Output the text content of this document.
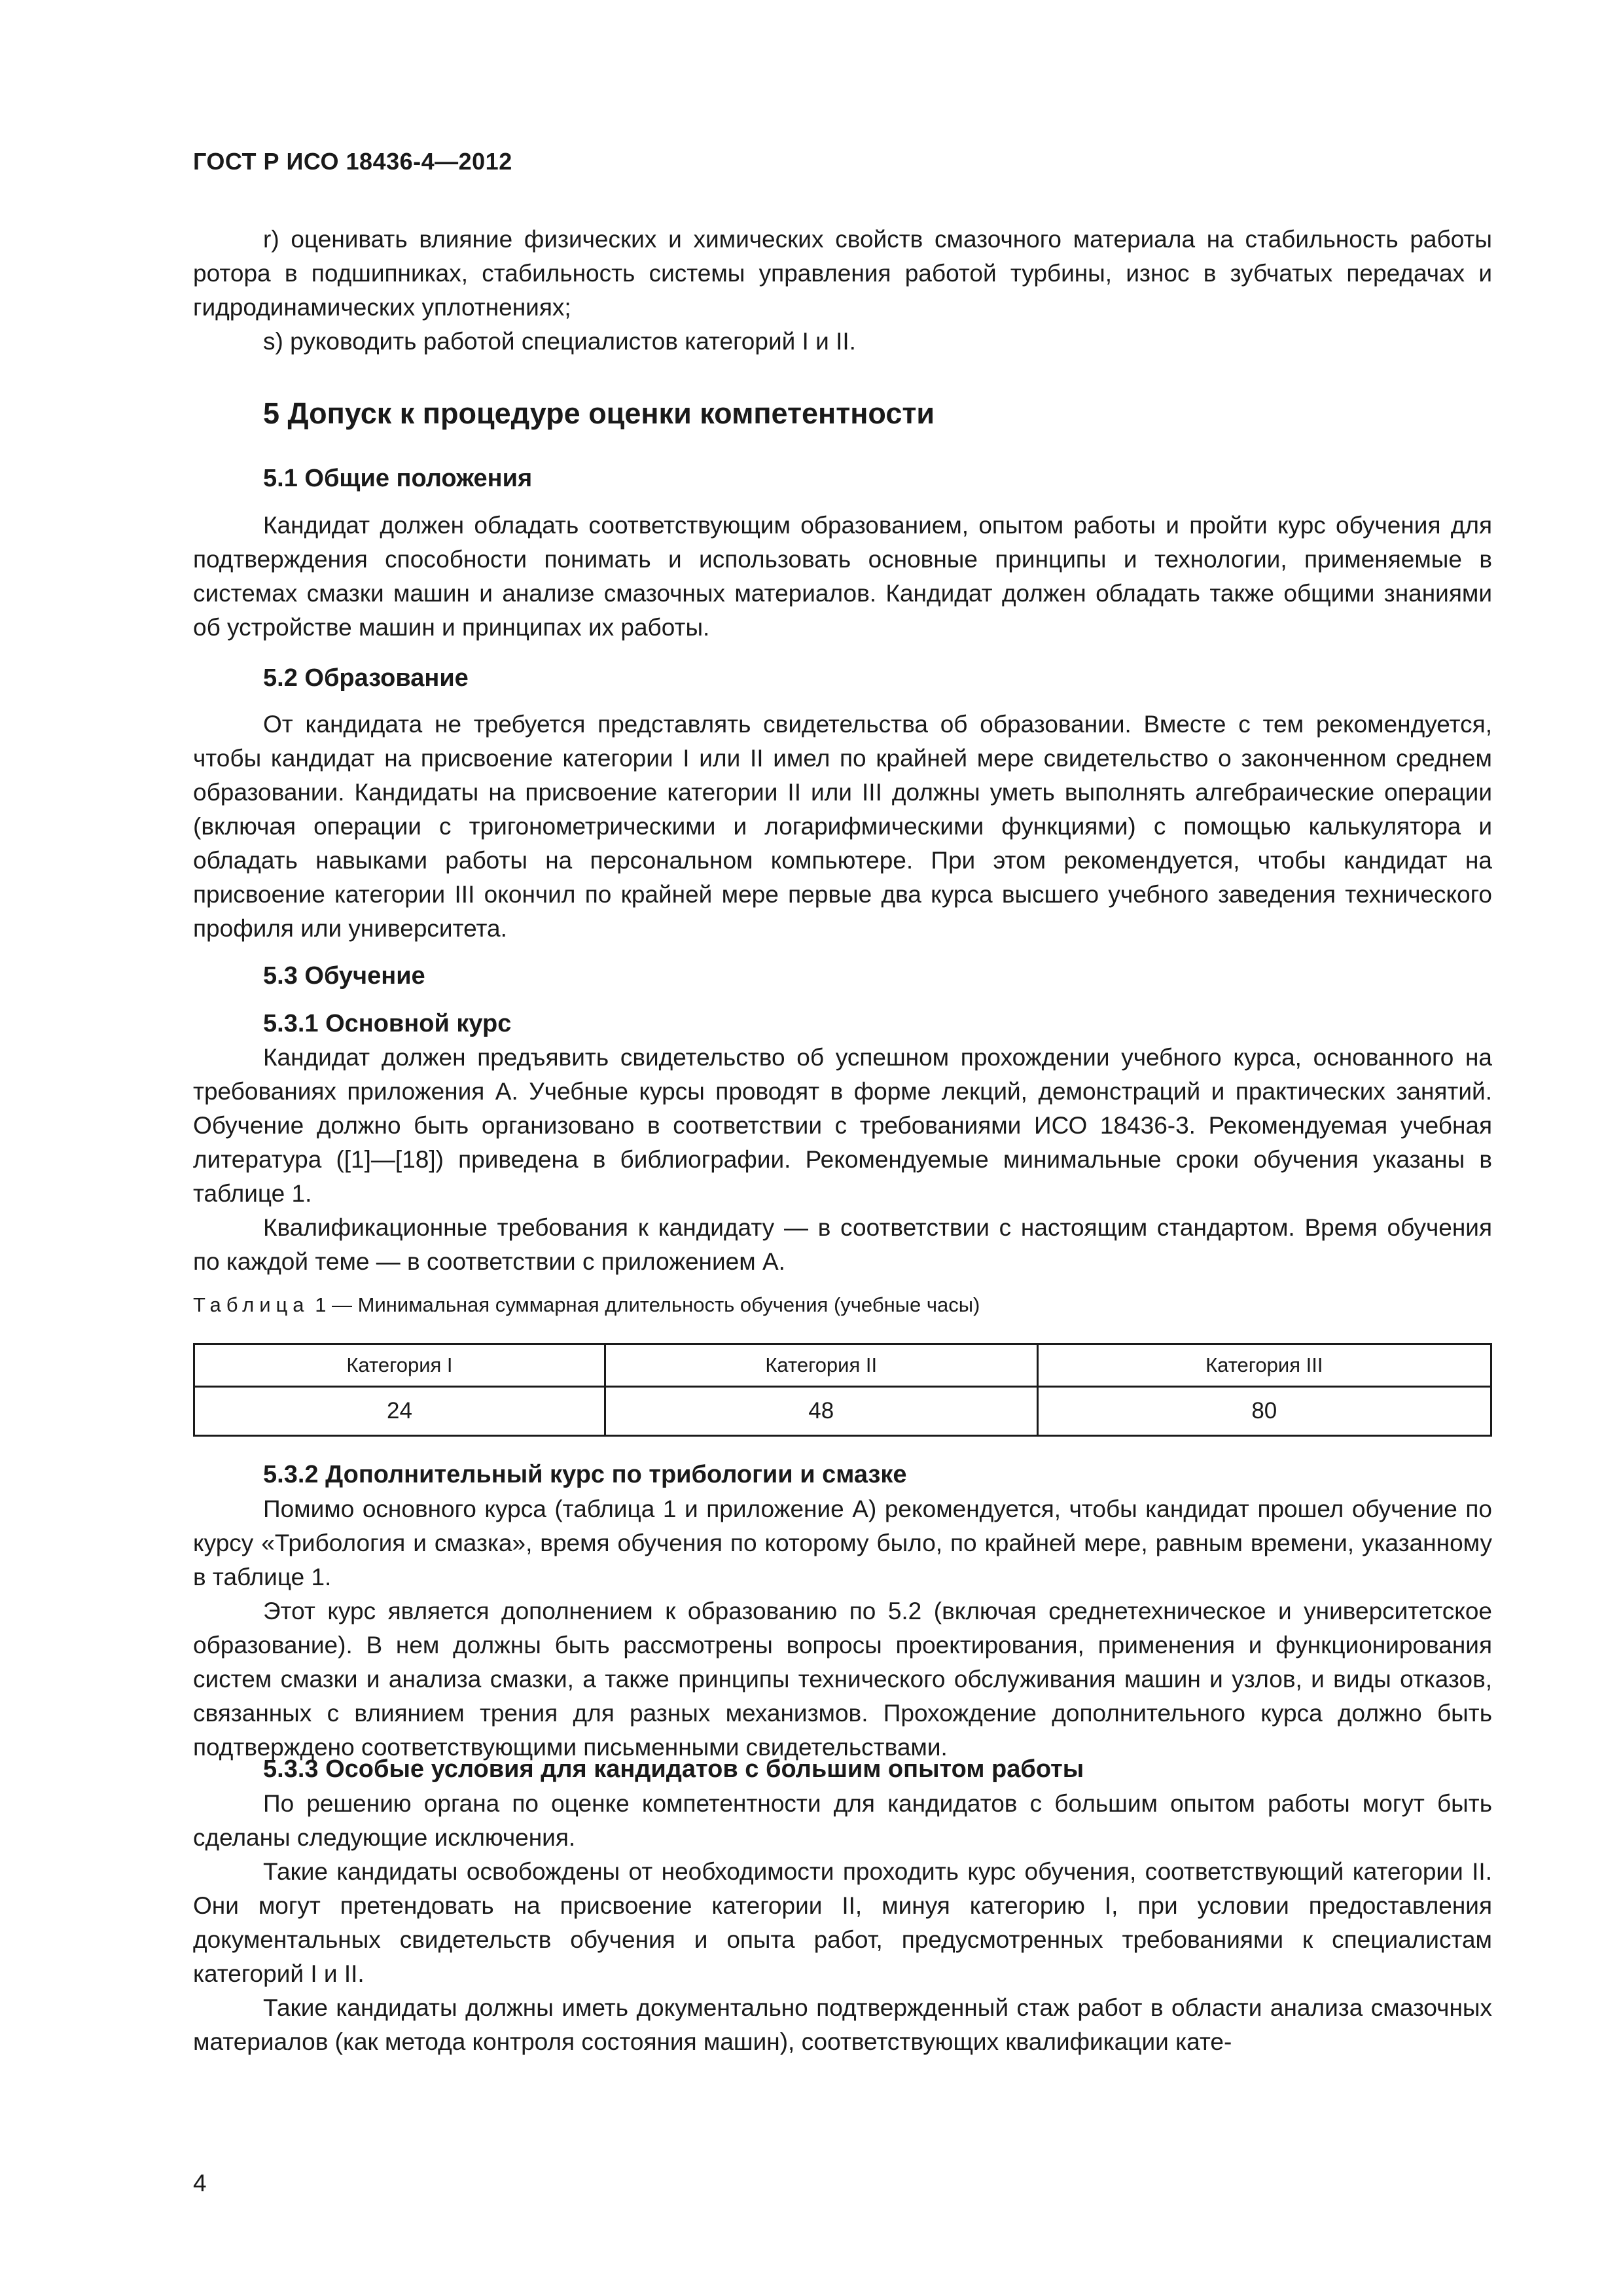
ГОСТ Р ИСО 18436-4—2012

r) оценивать влияние физических и химических свойств смазочного материала на стабильность работы ротора в подшипниках, стабильность системы управления работой турбины, износ в зубчатых передачах и гидродинамических уплотнениях;

s) руководить работой специалистов категорий I и II.

5 Допуск к процедуре оценки компетентности
5.1 Общие положения

Кандидат должен обладать соответствующим образованием, опытом работы и пройти курс обучения для подтверждения способности понимать и использовать основные принципы и технологии, применяемые в системах смазки машин и анализе смазочных материалов. Кандидат должен обладать также общими знаниями об устройстве машин и принципах их работы.

5.2 Образование

От кандидата не требуется представлять свидетельства об образовании. Вместе с тем рекомендуется, чтобы кандидат на присвоение категории I или II имел по крайней мере свидетельство о законченном среднем образовании. Кандидаты на присвоение категории II или III должны уметь выполнять алгебраические операции (включая операции с тригонометрическими и логарифмическими функциями) с помощью калькулятора и обладать навыками работы на персональном компьютере. При этом рекомендуется, чтобы кандидат на присвоение категории III окончил по крайней мере первые два курса высшего учебного заведения технического профиля или университета.

5.3 Обучение
5.3.1 Основной курс

Кандидат должен предъявить свидетельство об успешном прохождении учебного курса, основанного на требованиях приложения А. Учебные курсы проводят в форме лекций, демонстраций и практических занятий. Обучение должно быть организовано в соответствии с требованиями ИСО 18436-3. Рекомендуемая учебная литература ([1]—[18]) приведена в библиографии. Рекомендуемые минимальные сроки обучения указаны в таблице 1.

Квалификационные требования к кандидату — в соответствии с настоящим стандартом. Время обучения по каждой теме — в соответствии с приложением А.

Таблица 1 — Минимальная суммарная длительность обучения (учебные часы)
Категория I	Категория II	Категория III
24	48	80
5.3.2 Дополнительный курс по трибологии и смазке

Помимо основного курса (таблица 1 и приложение А) рекомендуется, чтобы кандидат прошел обучение по курсу «Трибология и смазка», время обучения по которому было, по крайней мере, равным времени, указанному в таблице 1.

Этот курс является дополнением к образованию по 5.2 (включая среднетехническое и университетское образование). В нем должны быть рассмотрены вопросы проектирования, применения и функционирования систем смазки и анализа смазки, а также принципы технического обслуживания машин и узлов, и виды отказов, связанных с влиянием трения для разных механизмов. Прохождение дополнительного курса должно быть подтверждено соответствующими письменными свидетельствами.

5.3.3 Особые условия для кандидатов с большим опытом работы

По решению органа по оценке компетентности для кандидатов с большим опытом работы могут быть сделаны следующие исключения.

Такие кандидаты освобождены от необходимости проходить курс обучения, соответствующий категории II. Они могут претендовать на присвоение категории II, минуя категорию I, при условии предоставления документальных свидетельств обучения и опыта работ, предусмотренных требованиями к специалистам категорий I и II.

Такие кандидаты должны иметь документально подтвержденный стаж работ в области анализа смазочных материалов (как метода контроля состояния машин), соответствующих квалификации кате-

4
